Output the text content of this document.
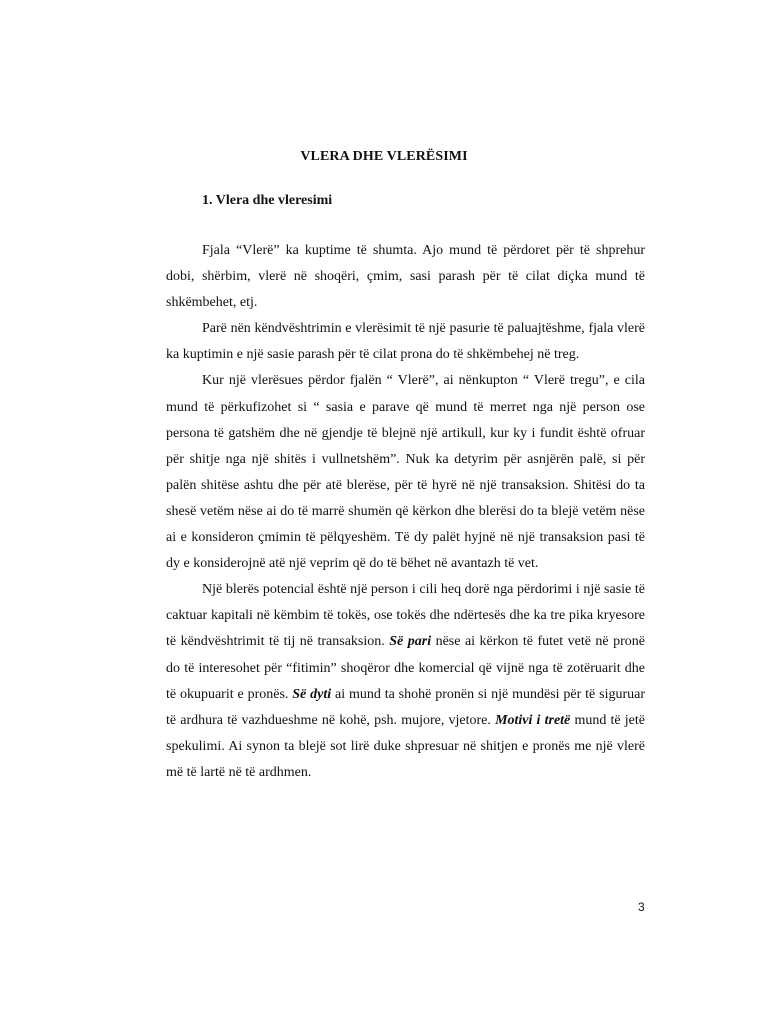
VLERA DHE VLERËSIMI
1. Vlera dhe vleresimi

Fjala “Vlerë” ka kuptime të shumta. Ajo mund të përdoret për të shprehur dobi, shërbim, vlerë në shoqëri, çmim, sasi parash për të cilat diçka mund të shkëmbehet, etj.

Parë nën këndvështrimin e vlerësimit të një pasurie të paluajtëshme, fjala vlerë ka kuptimin e një sasie parash për të cilat prona do të shkëmbehej në treg.

Kur një vlerësues përdor fjalën “ Vlerë”, ai nënkupton “ Vlerë tregu”, e cila mund të përkufizohet si “ sasia e parave që mund të merret nga një person ose persona të gatshëm dhe në gjendje të blejnë një artikull, kur ky i fundit është ofruar për shitje nga një shitës i vullnetshëm”. Nuk ka detyrim për asnjërën palë, si për palën shitëse ashtu dhe për atë blerëse, për të hyrë në një transaksion. Shitësi do ta shesë vetëm nëse ai do të marrë shumën që kërkon dhe blerësi do ta blejë vetëm nëse ai e konsideron çmimin të pëlqyeshëm. Të dy palët hyjnë në një transaksion pasi të dy e konsiderojnë atë një veprim që do të bëhet në avantazh të vet.

Një blerës potencial është një person i cili heq dorë nga përdorimi i një sasie të caktuar kapitali në këmbim të tokës, ose tokës dhe ndërtesës dhe ka tre pika kryesore të këndvështrimit të tij në transaksion. Së pari nëse ai kërkon të futet vetë në pronë do të interesohet për “fitimin” shoqëror dhe komercial që vijnë nga të zotëruarit dhe të okupuarit e pronës. Së dyti ai mund ta shohë pronën si një mundësi për të siguruar të ardhura të vazhdueshme në kohë, psh. mujore, vjetore. Motivi i tretë mund të jetë spekulimi. Ai synon ta blejë sot lirë duke shpresuar në shitjen e pronës me një vlerë më të lartë në të ardhmen.

3
